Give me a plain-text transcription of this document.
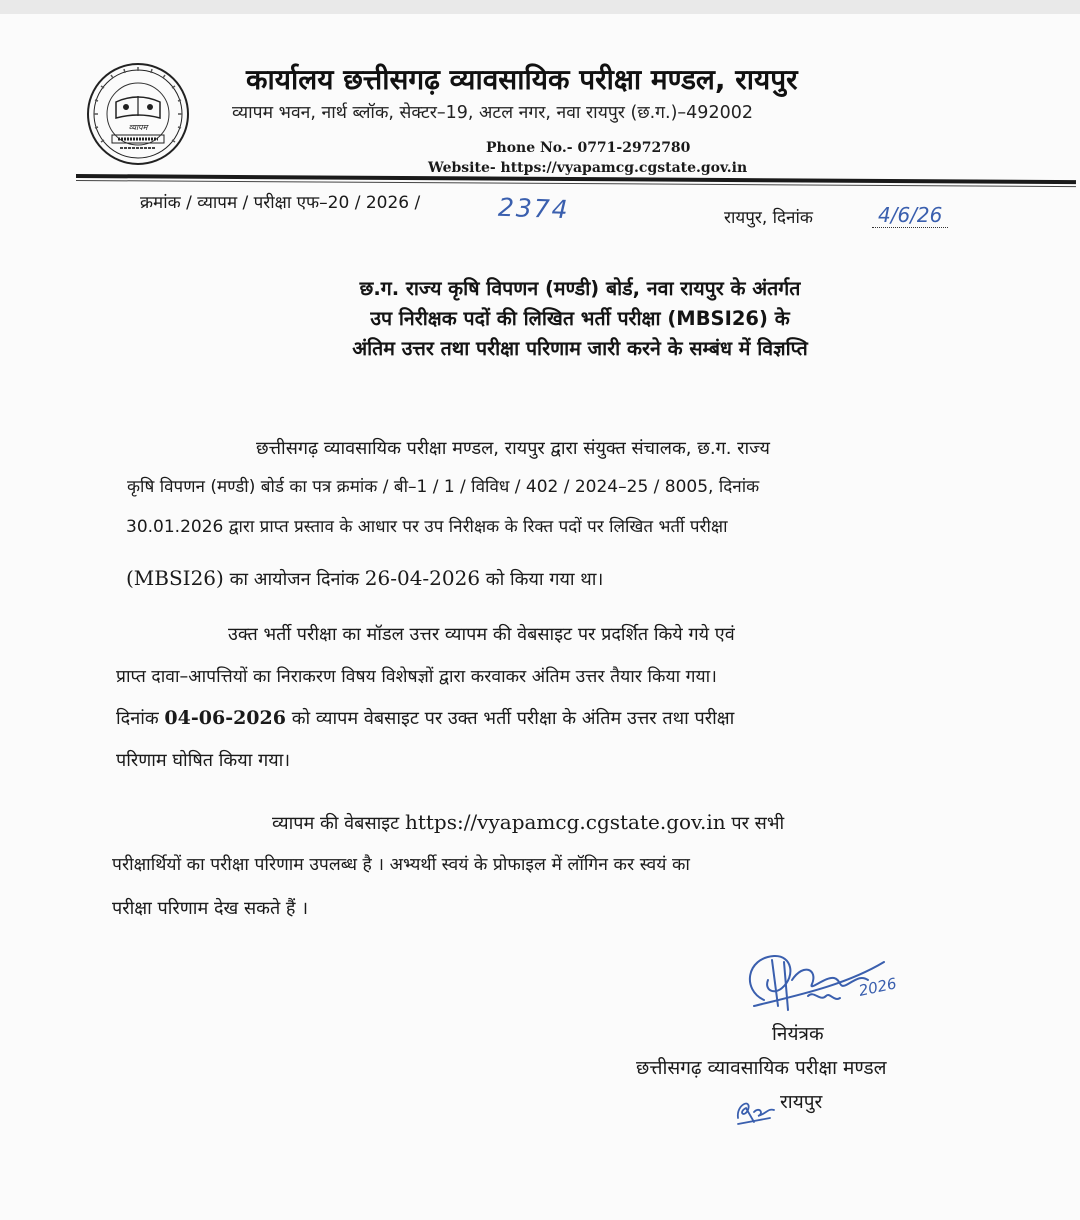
व्यापम
कार्यालय छत्तीसगढ़ व्यावसायिक परीक्षा मण्डल, रायपुर
व्यापम भवन, नार्थ ब्लॉक, सेक्टर–19, अटल नगर, नवा रायपुर (छ.ग.)–492002
Phone No.- 0771-2972780
Website- https://vyapamcg.cgstate.gov.in
क्रमांक / व्यापम / परीक्षा एफ–20 / 2026 /	2374	रायपुर, दिनांक	4/6/26
छ.ग. राज्य कृषि विपणन (मण्डी) बोर्ड, नवा रायपुर के अंतर्गत
उप निरीक्षक पदों की लिखित भर्ती परीक्षा (MBSI26) के
अंतिम उत्तर तथा परीक्षा परिणाम जारी करने के सम्बंध में विज्ञप्ति
छत्तीसगढ़ व्यावसायिक परीक्षा मण्डल, रायपुर द्वारा संयुक्त संचालक, छ.ग. राज्य
कृषि विपणन (मण्डी) बोर्ड का पत्र क्रमांक / बी–1 / 1 / विविध / 402 / 2024–25 / 8005, दिनांक
30.01.2026 द्वारा प्राप्त प्रस्ताव के आधार पर उप निरीक्षक के रिक्त पदों पर लिखित भर्ती परीक्षा
(MBSI26) का आयोजन दिनांक 26-04-2026 को किया गया था।
उक्त भर्ती परीक्षा का मॉडल उत्तर व्यापम की वेबसाइट पर प्रदर्शित किये गये एवं
प्राप्त दावा–आपत्तियों का निराकरण विषय विशेषज्ञों द्वारा करवाकर अंतिम उत्तर तैयार किया गया।
दिनांक 04-06-2026 को व्यापम वेबसाइट पर उक्त भर्ती परीक्षा के अंतिम उत्तर तथा परीक्षा
परिणाम घोषित किया गया।
व्यापम की वेबसाइट https://vyapamcg.cgstate.gov.in पर सभी
परीक्षार्थियों का परीक्षा परिणाम उपलब्ध है । अभ्यर्थी स्वयं के प्रोफाइल में लॉगिन कर स्वयं का
परीक्षा परिणाम देख सकते हैं ।
2026
नियंत्रक
छत्तीसगढ़ व्यावसायिक परीक्षा मण्डल
रायपुर
